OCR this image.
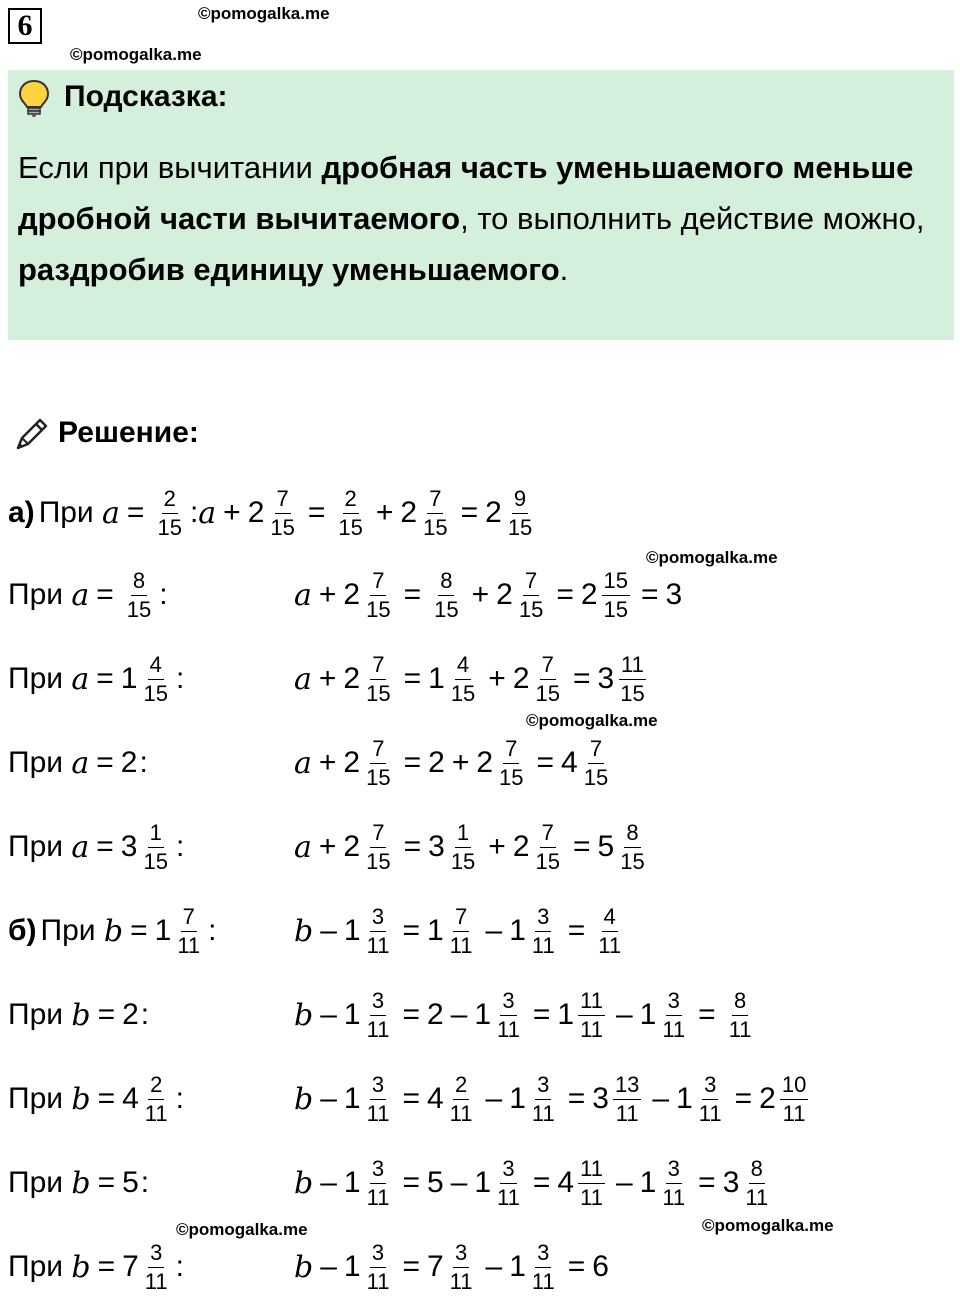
6	©pomogalka.me
©pomogalka.me
Подсказка:
Если при вычитании дробная часть уменьшаемого меньше дробной части вычитаемого, то выполнить действие можно, раздробив единицу уменьшаемого.
Решение:
а) При $a = \frac{2}{15}$ : $a + 2 \frac{7}{15} = \frac{2}{15} + 2 \frac{7}{15} = 2 \frac{9}{15}$
При $a = \frac{8}{15}$ :	$a + 2 \frac{7}{15} = \frac{8}{15} + 2 \frac{7}{15} = 2 \frac{15}{15} = 3$
При $a = 1 \frac{4}{15}$ :	$a + 2 \frac{7}{15} = 1 \frac{4}{15} + 2 \frac{7}{15} = 3 \frac{11}{15}$
При a = 2 :	$a + 2 \frac{7}{15} = 2 + 2 \frac{7}{15} = 4 \frac{7}{15}$
При $a = 3 \frac{1}{15}$ :	$a + 2 \frac{7}{15} = 3 \frac{1}{15} + 2 \frac{7}{15} = 5 \frac{8}{15}$
б) При $b = 1 \frac{7}{11}$ :	$b - 1 \frac{3}{11} = 1 \frac{7}{11} - 1 \frac{3}{11} = \frac{4}{11}$
При b = 2 :	$b - 1 \frac{3}{11} = 2 - 1 \frac{3}{11} = 1 \frac{11}{11} - 1 \frac{3}{11} = \frac{8}{11}$
При $b = 4 \frac{2}{11}$ :	$b - 1 \frac{3}{11} = 4 \frac{2}{11} - 1 \frac{3}{11} = 3 \frac{13}{11} - 1 \frac{3}{11} = 2 \frac{10}{11}$
При b = 5 :	$b - 1 \frac{3}{11} = 5 - 1 \frac{3}{11} = 4 \frac{11}{11} - 1 \frac{3}{11} = 3 \frac{8}{11}$
При $b = 7 \frac{3}{11}$ :	$b - 1 \frac{3}{11} = 7 \frac{3}{11} - 1 \frac{3}{11} = 6$
©pomogalka.me
©pomogalka.me
©pomogalka.me
©pomogalka.me
